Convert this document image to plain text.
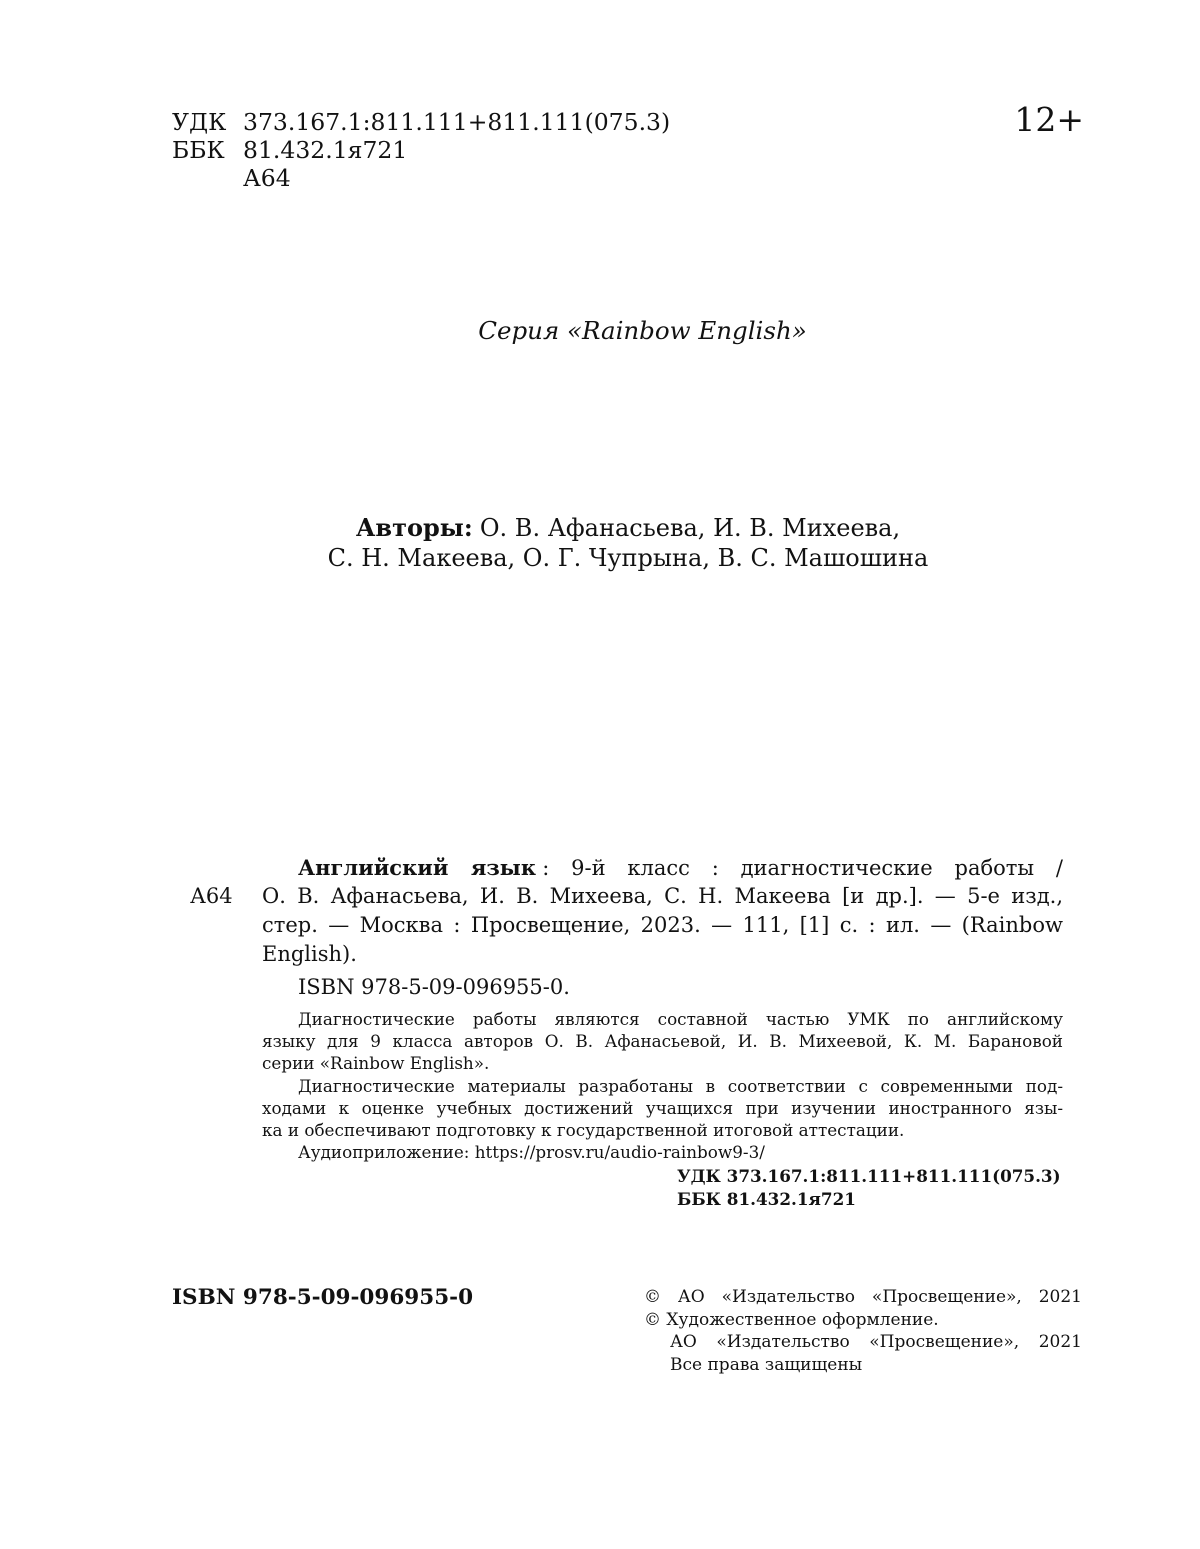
УДК 373.167.1:811.111+811.111(075.3)
ББК 81.432.1я721
А64
12+
Серия «Rainbow English»
Авторы: О. В. Афанасьева, И. В. Михеева,
С. Н. Макеева, О. Г. Чупрына, В. С. Машошина
Английский язык : 9-й класс : диагностические работы /
А64 О. В. Афанасьева, И. В. Михеева, С. Н. Макеева [и др.]. — 5-е изд.,
стер. — Москва : Просвещение, 2023. — 111, [1] с. : ил. — (Rainbow
English).
ISBN 978-5-09-096955-0.
Диагностические работы являются составной частью УМК по английскому
языку для 9 класса авторов О. В. Афанасьевой, И. В. Михеевой, К. М. Барановой
серии «Rainbow English».
Диагностические материалы разработаны в соответствии с современными под-
ходами к оценке учебных достижений учащихся при изучении иностранного язы-
ка и обеспечивают подготовку к государственной итоговой аттестации.
Аудиоприложение: https://prosv.ru/audio-rainbow9-3/
УДК 373.167.1:811.111+811.111(075.3)
ББК 81.432.1я721
ISBN 978-5-09-096955-0	© АО «Издательство «Просвещение», 2021
© Художественное оформление.
АО «Издательство «Просвещение», 2021
Все права защищены
